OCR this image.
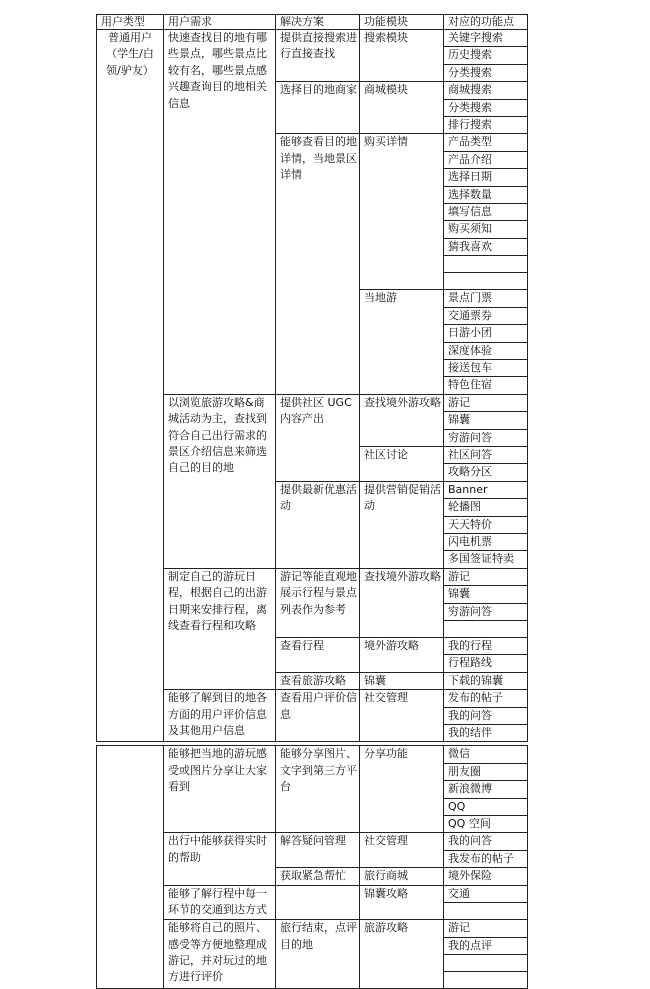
用户类型	用户需求	解决方案	功能模块	对应的功能点
普通用户（学生/白领/驴友）	快速查找目的地有哪些景点，哪些景点比较有名，哪些景点感兴趣查询目的地相关信息	提供直接搜索进行直接查找	搜索模块	关键字搜索
				历史搜索
				分类搜索
		选择目的地商家	商城模块	商城搜索
				分类搜索
				排行搜索
		能够查看目的地详情，当地景区详情	购买详情	产品类型
				产品介绍
				选择日期
				选择数量
				填写信息
				购买须知
				猜我喜欢

			当地游	景点门票
				交通票券
				日游小团
				深度体验
				接送包车
				特色住宿
	以浏览旅游攻略&商城活动为主，查找到符合自己出行需求的景区介绍信息来筛选自己的目的地	提供社区 UGC 内容产出	查找境外游攻略	游记
				锦囊
				穷游问答
			社区讨论	社区问答
				攻略分区
		提供最新优惠活动	提供营销促销活动	Banner
				轮播图
				天天特价
				闪电机票
				多国签证特卖
	制定自己的游玩日程，根据自己的出游日期来安排行程，离线查看行程和攻略	游记等能直观地展示行程与景点列表作为参考	查找境外游攻略	游记
				锦囊
				穷游问答

		查看行程	境外游攻略	我的行程
				行程路线
		查看旅游攻略	锦囊	下载的锦囊
	能够了解到目的地各方面的用户评价信息及其他用户信息	查看用户评价信息	社交管理	发布的帖子
				我的问答
				我的结伴

	能够把当地的游玩感受或图片分享让大家看到	能够分享图片、文字到第三方平台	分享功能	微信
				朋友圈
				新浪微博
				QQ
				QQ 空间
	出行中能够获得实时的帮助	解答疑问管理	社交管理	我的问答
				我发布的帖子
		获取紧急帮忙	旅行商城	境外保险
	能够了解行程中每一环节的交通到达方式		锦囊攻略	交通

	能够将自己的照片、感受等方便地整理成游记，并对玩过的地方进行评价	旅行结束，点评目的地	旅游攻略	游记
				我的点评
